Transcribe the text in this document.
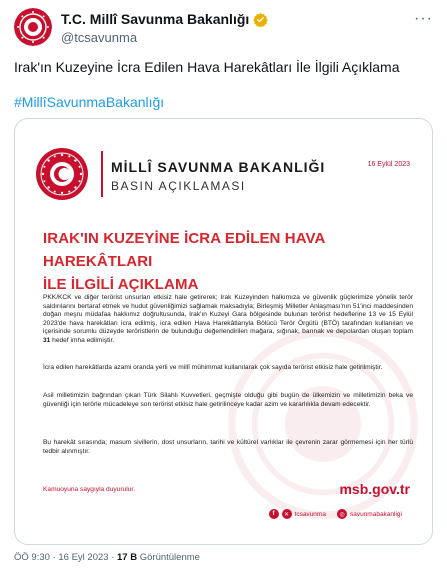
T.C. Millî Savunma Bakanlığı
@tcsavunma
···
Irak'ın Kuzeyine İcra Edilen Hava Harekâtları İle İlgili Açıklama
#MillîSavunmaBakanlığı
MİLLÎ SAVUNMA BAKANLIĞI
BASIN AÇIKLAMASI
16 Eylül 2023
IRAK'IN KUZEYİNE İCRA EDİLEN HAVA HAREKÂTLARI
İLE İLGİLİ AÇIKLAMA
PKK/KCK ve diğer terörist unsurları etkisiz hale getirerek; Irak Kuzeyinden halkımıza ve güvenlik güçlerimize yönelik terör saldırılarını bertaraf etmek ve hudut güvenliğimizi sağlamak maksadıyla; Birleşmiş Milletler Anlaşması'nın 51'inci maddesinden doğan meşru müdafaa hakkımız doğrultusunda, Irak'ın Kuzeyi Gara bölgesinde bulunan terörist hedeflerine 13 ve 15 Eylül 2023'de hava harekâtları icra edilmiş, icra edilen Hava Harekâtlarıyla Bölücü Terör Örgütü (BTÖ) tarafından kullanılan ve içerisinde sorumlu düzeyde teröristlerin de bulunduğu değerlendirilen mağara, sığınak, barınak ve depolardan oluşan toplam 31 hedef imha edilmiştir.
İcra edilen harekâtlarda azami oranda yerli ve millî mühimmat kullanılarak çok sayıda terörist etkisiz hale getirilmiştir.
Asil milletimizin bağrından çıkan Türk Silahlı Kuvvetleri, geçmişte olduğu gibi bugün de ülkemizin ve milletimizin beka ve güvenliği için terörle mücadeleye son terörist etkisiz hale getirilinceye kadar azim ve kararlılıkla devam edecektir.
Bu harekât sırasında; masum sivillerin, dost unsurların, tarihi ve kültürel varlıklar ile çevrenin zarar görmemesi için her türlü tedbir alınmıştır.
Kamuoyuna saygıyla duyurulur.	msb.gov.tr
f	✕ tcsavunma	◎ savunmabakanligi
ÖÖ 9:30 · 16 Eyl 2023 · 17 B Görüntülenme
